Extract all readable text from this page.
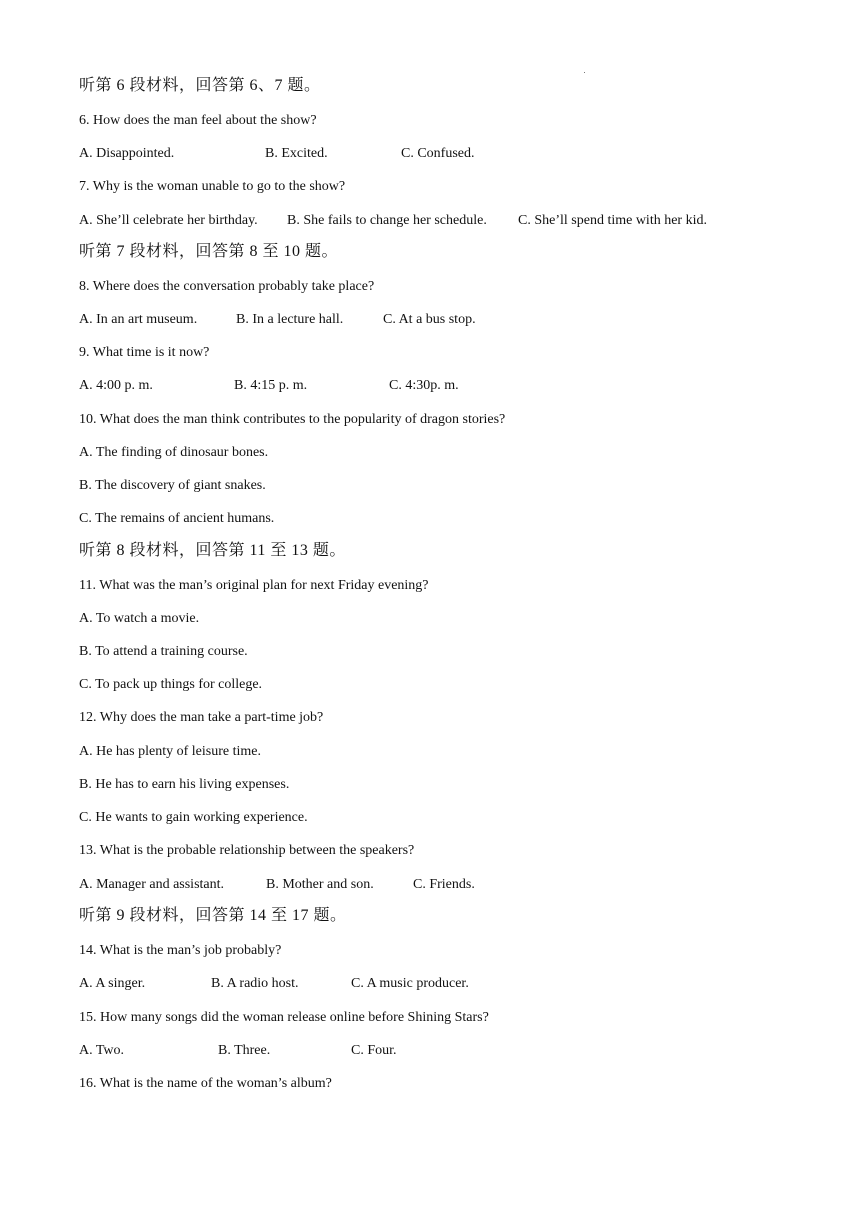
听第 6 段材料，回答第 6、7 题。
6. How does the man feel about the show?
A. Disappointed.	B. Excited.	C. Confused.
7. Why is the woman unable to go to the show?
A. She’ll celebrate her birthday. B. She fails to change her schedule. C. She’ll spend time with her kid.
听第 7 段材料，回答第 8 至 10 题。
8. Where does the conversation probably take place?
A. In an art museum.	B. In a lecture hall.	C. At a bus stop.
9. What time is it now?
A. 4:00 p. m.	B. 4:15 p. m.	C. 4:30p. m.
10. What does the man think contributes to the popularity of dragon stories?
A. The finding of dinosaur bones.
B. The discovery of giant snakes.
C. The remains of ancient humans.
听第 8 段材料，回答第 11 至 13 题。
11. What was the man’s original plan for next Friday evening?
A. To watch a movie.
B. To attend a training course.
C. To pack up things for college.
12. Why does the man take a part-time job?
A. He has plenty of leisure time.
B. He has to earn his living expenses.
C. He wants to gain working experience.
13. What is the probable relationship between the speakers?
A. Manager and assistant.	B. Mother and son.	C. Friends.
听第 9 段材料，回答第 14 至 17 题。
14. What is the man’s job probably?
A. A singer.	B. A radio host.	C. A music producer.
15. How many songs did the woman release online before Shining Stars?
A. Two.	B. Three.	C. Four.
16. What is the name of the woman’s album?
